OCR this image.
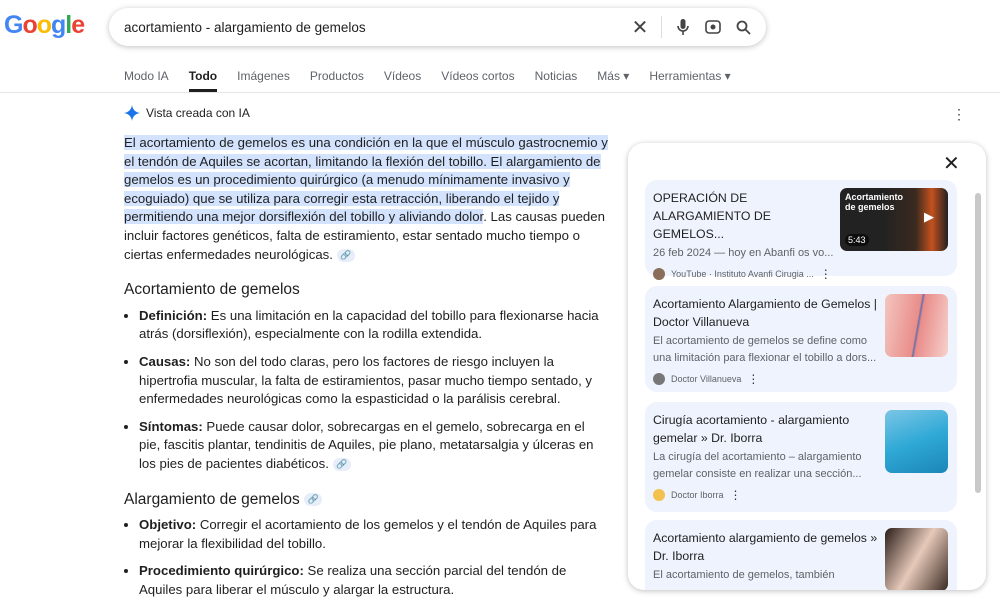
Google	acortamiento - alargamiento de gemelos	✕
Modo IA Todo Imágenes Productos Vídeos Vídeos cortos Noticias Más ▾ Herramientas ▾
Vista creada con IA	⋮

El acortamiento de gemelos es una condición en la que el músculo gastrocnemio y el tendón de Aquiles se acortan, limitando la flexión del tobillo. El alargamiento de gemelos es un procedimiento quirúrgico (a menudo mínimamente invasivo y ecoguiado) que se utiliza para corregir esta retracción, liberando el tejido y permitiendo una mejor dorsiflexión del tobillo y aliviando dolor. Las causas pueden incluir factores genéticos, falta de estiramiento, estar sentado mucho tiempo o ciertas enfermedades neurológicas. 🔗

Acortamiento de gemelos
• Definición: Es una limitación en la capacidad del tobillo para flexionarse hacia atrás (dorsiflexión), especialmente con la rodilla extendida.
• Causas: No son del todo claras, pero los factores de riesgo incluyen la hipertrofia muscular, la falta de estiramientos, pasar mucho tiempo sentado, y enfermedades neurológicas como la espasticidad o la parálisis cerebral.
• Síntomas: Puede causar dolor, sobrecargas en el gemelo, sobrecarga en el pie, fascitis plantar, tendinitis de Aquiles, pie plano, metatarsalgia y úlceras en los pies de pacientes diabéticos. 🔗
Alargamiento de gemelos 🔗
• Objetivo: Corregir el acortamiento de los gemelos y el tendón de Aquiles para mejorar la flexibilidad del tobillo.
• Procedimiento quirúrgico: Se realiza una sección parcial del tendón de Aquiles para liberar el músculo y alargar la estructura.
✕
OPERACIÓN DE ALARGAMIENTO DE GEMELOS...
26 feb 2024 — hoy en Abanfi os vo...
YouTube · Instituto Avanfi Cirugia ... ⋮
Acortamiento de gemelos
▶
5:43
Acortamiento Alargamiento de Gemelos | Doctor Villanueva
El acortamiento de gemelos se define como una limitación para flexionar el tobillo a dors...
Doctor Villanueva ⋮
Cirugía acortamiento - alargamiento gemelar » Dr. Iborra
La cirugía del acortamiento – alargamiento gemelar consiste en realizar una sección...
Doctor Iborra ⋮
Acortamiento alargamiento de gemelos » Dr. Iborra
El acortamiento de gemelos, también
